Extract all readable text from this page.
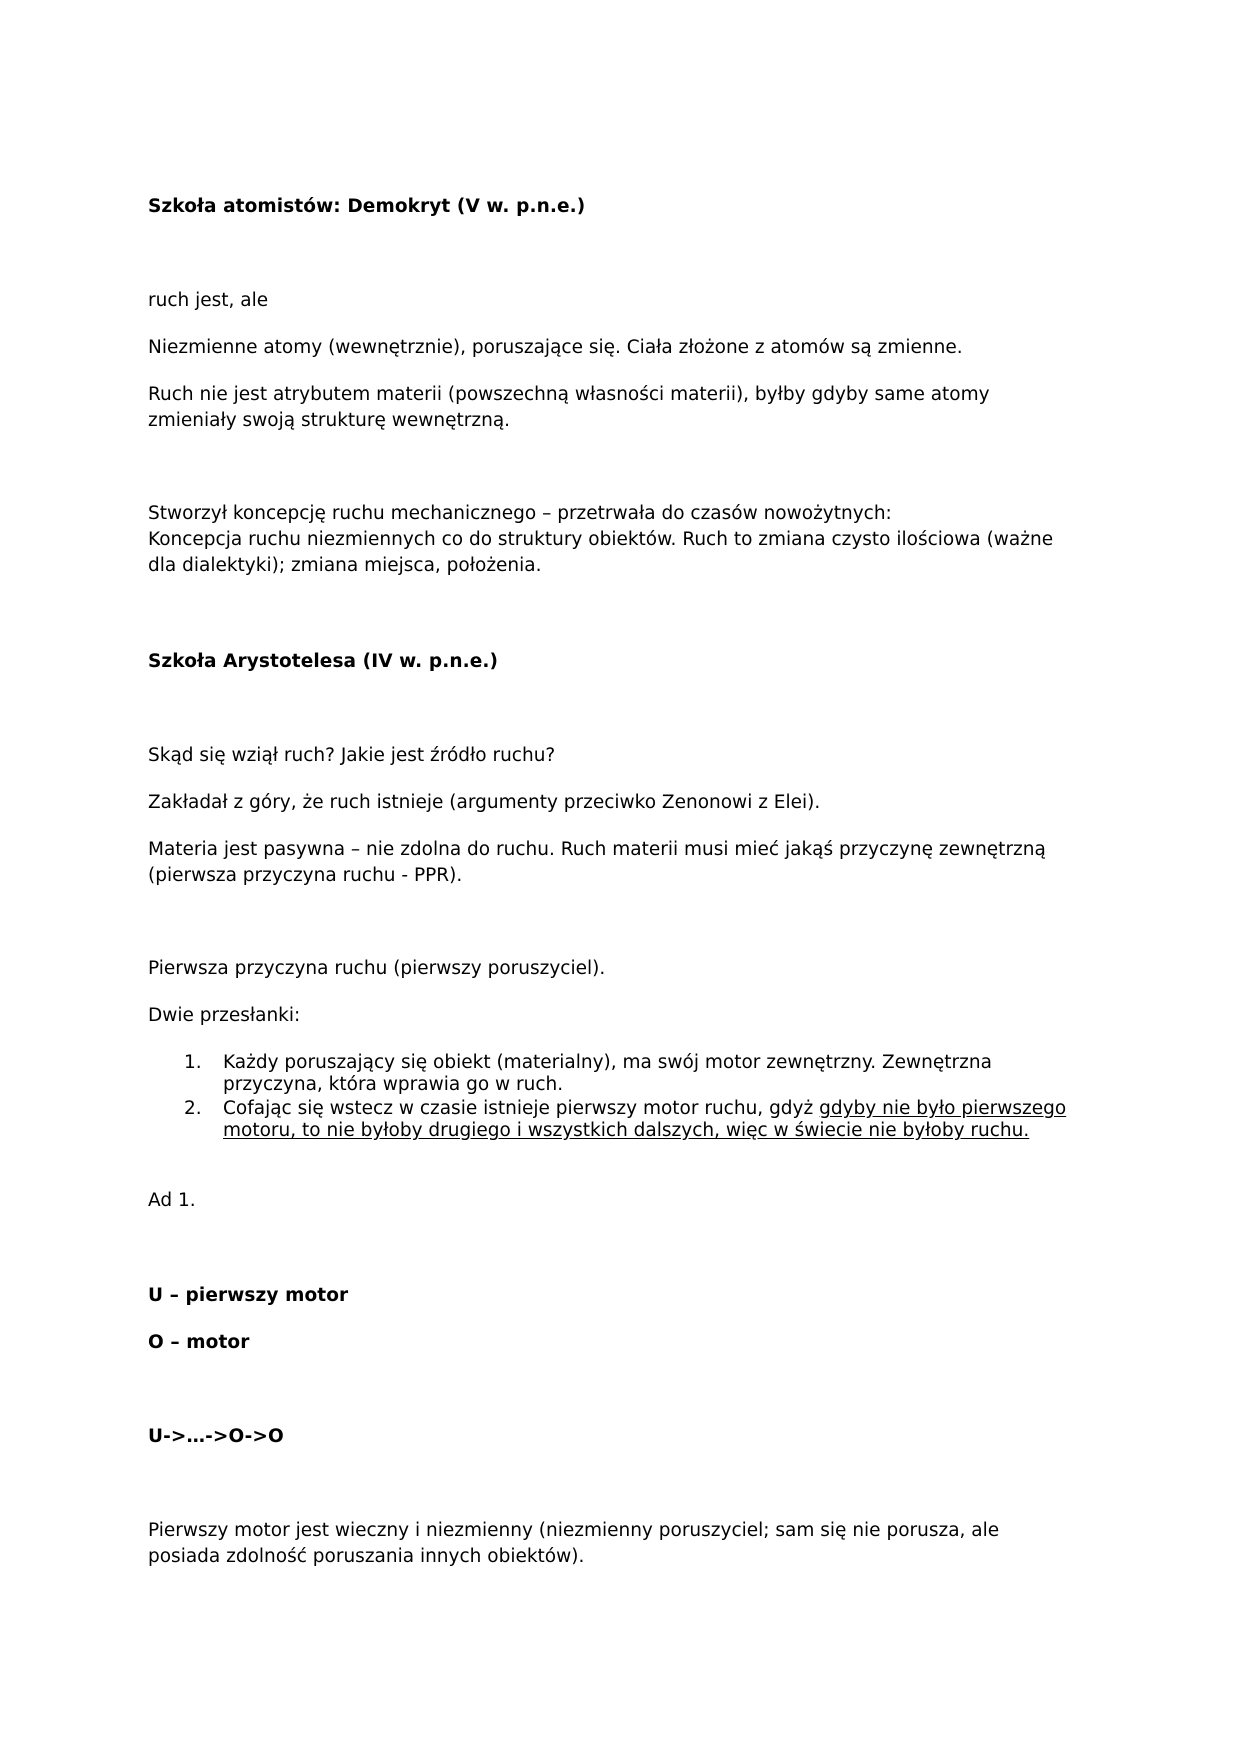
Szkoła atomistów: Demokryt (V w. p.n.e.)
ruch jest, ale
Niezmienne atomy (wewnętrznie), poruszające się. Ciała złożone z atomów są zmienne.
Ruch nie jest atrybutem materii (powszechną własności materii), byłby gdyby same atomy
zmieniały swoją strukturę wewnętrzną.
Stworzył koncepcję ruchu mechanicznego – przetrwała do czasów nowożytnych:
Koncepcja ruchu niezmiennych co do struktury obiektów. Ruch to zmiana czysto ilościowa (ważne
dla dialektyki); zmiana miejsca, położenia.
Szkoła Arystotelesa (IV w. p.n.e.)
Skąd się wziął ruch? Jakie jest źródło ruchu?
Zakładał z góry, że ruch istnieje (argumenty przeciwko Zenonowi z Elei).
Materia jest pasywna – nie zdolna do ruchu. Ruch materii musi mieć jakąś przyczynę zewnętrzną
(pierwsza przyczyna ruchu - PPR).
Pierwsza przyczyna ruchu (pierwszy poruszyciel).
Dwie przesłanki:
1. Każdy poruszający się obiekt (materialny), ma swój motor zewnętrzny. Zewnętrzna
przyczyna, która wprawia go w ruch.
2. Cofając się wstecz w czasie istnieje pierwszy motor ruchu, gdyż gdyby nie było pierwszego
motoru, to nie byłoby drugiego i wszystkich dalszych, więc w świecie nie byłoby ruchu.
Ad 1.
U – pierwszy motor
O – motor
U->…->O->O
Pierwszy motor jest wieczny i niezmienny (niezmienny poruszyciel; sam się nie porusza, ale
posiada zdolność poruszania innych obiektów).
